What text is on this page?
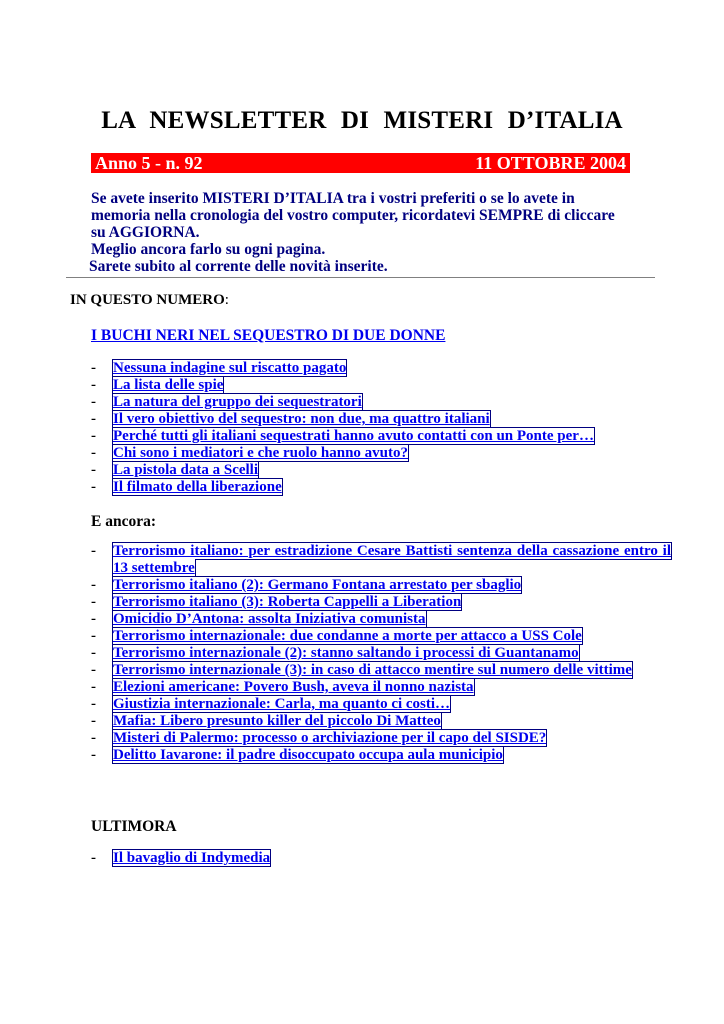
LA NEWSLETTER DI MISTERI D’ITALIA
Anno 5 - n. 92	11 OTTOBRE 2004
Se avete inserito MISTERI D’ITALIA tra i vostri preferiti o se lo avete in
memoria nella cronologia del vostro computer, ricordatevi SEMPRE di cliccare
su AGGIORNA.
Meglio ancora farlo su ogni pagina.
Sarete subito al corrente delle novità inserite.
IN QUESTO NUMERO:
I BUCHI NERI NEL SEQUESTRO DI DUE DONNE
- Nessuna indagine sul riscatto pagato
- La lista delle spie
- La natura del gruppo dei sequestratori
- Il vero obiettivo del sequestro: non due, ma quattro italiani
- Perché tutti gli italiani sequestrati hanno avuto contatti con un Ponte per…
- Chi sono i mediatori e che ruolo hanno avuto?
- La pistola data a Scelli
- Il filmato della liberazione
E ancora:
- Terrorismo italiano: per estradizione Cesare Battisti sentenza della cassazione entro il 13 settembre
- Terrorismo italiano (2): Germano Fontana arrestato per sbaglio
- Terrorismo italiano (3): Roberta Cappelli a Liberation
- Omicidio D’Antona: assolta Iniziativa comunista
- Terrorismo internazionale: due condanne a morte per attacco a USS Cole
- Terrorismo internazionale (2): stanno saltando i processi di Guantanamo
- Terrorismo internazionale (3): in caso di attacco mentire sul numero delle vittime
- Elezioni americane: Povero Bush, aveva il nonno nazista
- Giustizia internazionale: Carla, ma quanto ci costi…
- Mafia: Libero presunto killer del piccolo Di Matteo
- Misteri di Palermo: processo o archiviazione per il capo del SISDE?
- Delitto Iavarone: il padre disoccupato occupa aula municipio
ULTIMORA
- Il bavaglio di Indymedia
